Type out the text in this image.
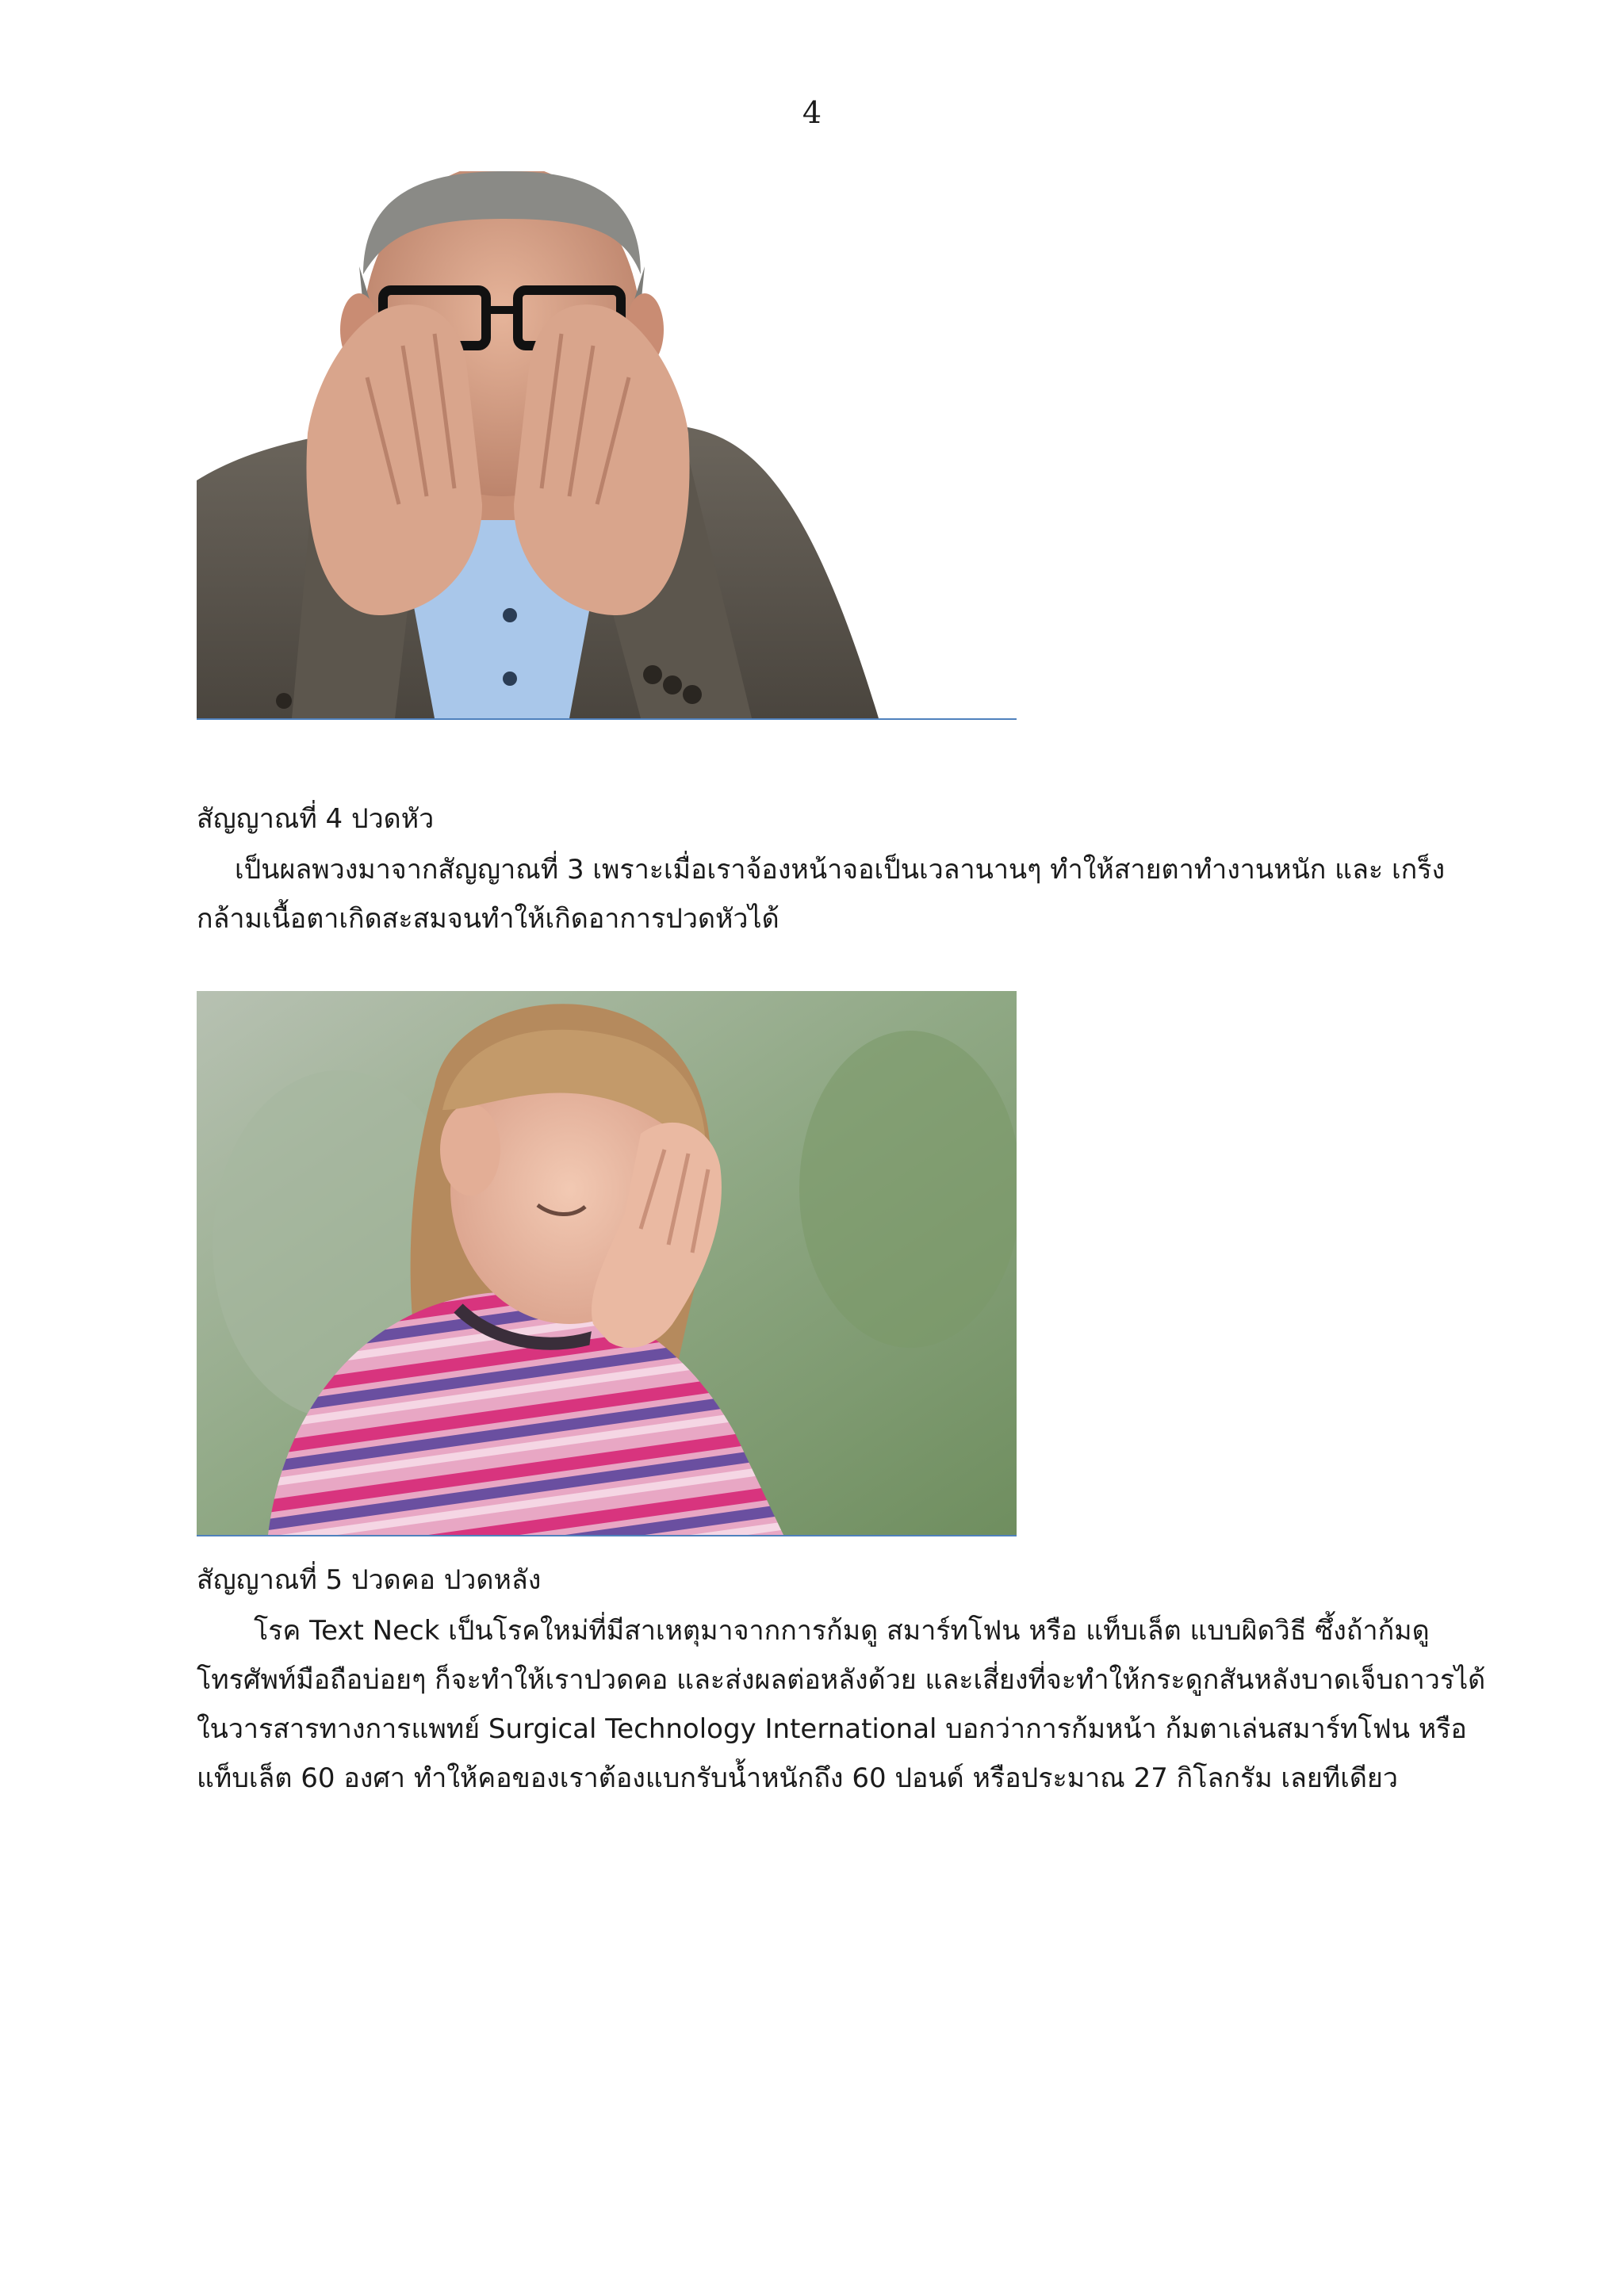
4
สัญญาณที่ 4 ปวดหัว
เป็นผลพวงมาจากสัญญาณที่ 3 เพราะเมื่อเราจ้องหน้าจอเป็นเวลานานๆ ทำให้สายตาทำงานหนัก และ เกร็งกล้ามเนื้อตาเกิดสะสมจนทำให้เกิดอาการปวดหัวได้
สัญญาณที่ 5 ปวดคอ ปวดหลัง
โรค Text Neck เป็นโรคใหม่ที่มีสาเหตุมาจากการก้มดู สมาร์ทโฟน หรือ แท็บเล็ต แบบผิดวิธี ซึ้งถ้าก้มดูโทรศัพท์มือถือบ่อยๆ ก็จะทำให้เราปวดคอ และส่งผลต่อหลังด้วย และเสี่ยงที่จะทำให้กระดูกสันหลังบาดเจ็บถาวรได้ ในวารสารทางการแพทย์ Surgical Technology International บอกว่าการก้มหน้า ก้มตาเล่นสมาร์ทโฟน หรือแท็บเล็ต 60 องศา ทำให้คอของเราต้องแบกรับน้ำหนักถึง 60 ปอนด์ หรือประมาณ 27 กิโลกรัม เลยทีเดียว
